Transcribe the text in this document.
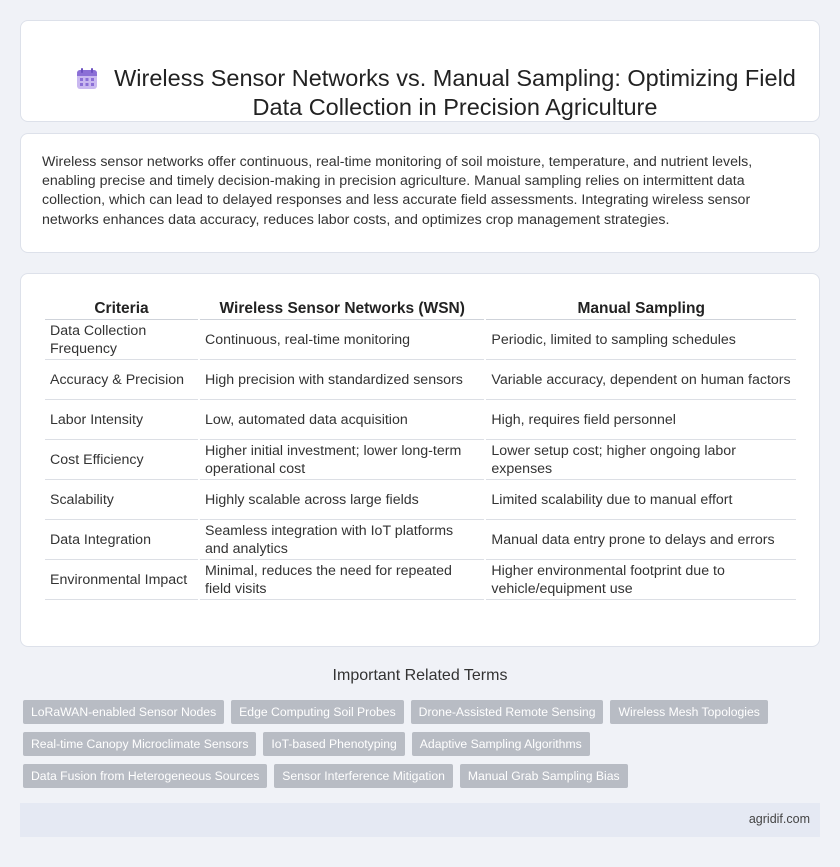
Wireless Sensor Networks vs. Manual Sampling: Optimizing Field
Data Collection in Precision Agriculture

Wireless sensor networks offer continuous, real-time monitoring of soil moisture, temperature, and nutrient levels, enabling precise and timely decision-making in precision agriculture. Manual sampling relies on intermittent data collection, which can lead to delayed responses and less accurate field assessments. Integrating wireless sensor networks enhances data accuracy, reduces labor costs, and optimizes crop management strategies.

Criteria	Wireless Sensor Networks (WSN)	Manual Sampling
Data Collection Frequency	Continuous, real-time monitoring	Periodic, limited to sampling schedules
Accuracy & Precision	High precision with standardized sensors	Variable accuracy, dependent on human factors
Labor Intensity	Low, automated data acquisition	High, requires field personnel
Cost Efficiency	Higher initial investment; lower long-term operational cost	Lower setup cost; higher ongoing labor expenses
Scalability	Highly scalable across large fields	Limited scalability due to manual effort
Data Integration	Seamless integration with IoT platforms and analytics	Manual data entry prone to delays and errors
Environmental Impact	Minimal, reduces the need for repeated field visits	Higher environmental footprint due to vehicle/equipment use
Important Related Terms
LoRaWAN-enabled Sensor Nodes	Edge Computing Soil Probes	Drone-Assisted Remote Sensing	Wireless Mesh Topologies
Real-time Canopy Microclimate Sensors	IoT-based Phenotyping	Adaptive Sampling Algorithms
Data Fusion from Heterogeneous Sources	Sensor Interference Mitigation	Manual Grab Sampling Bias
agridif.com
